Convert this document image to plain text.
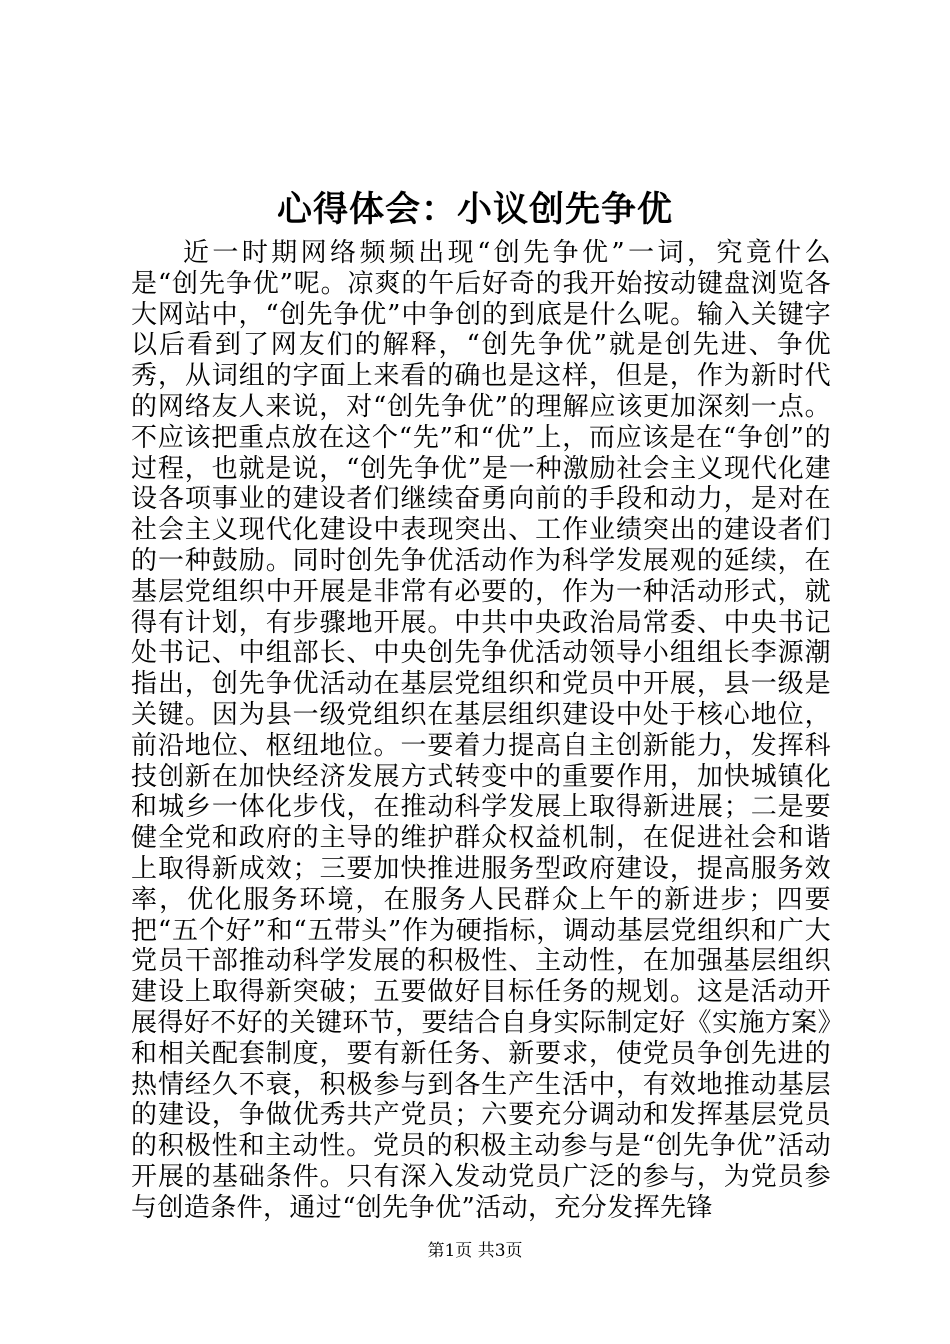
心得体会：小议创先争优

近一时期网络频频出现“创先争优”一词，究竟什么是“创先争优”呢。凉爽的午后好奇的我开始按动键盘浏览各大网站中，“创先争优”中争创的到底是什么呢。输入关键字以后看到了网友们的解释，“创先争优”就是创先进、争优秀，从词组的字面上来看的确也是这样，但是，作为新时代的网络友人来说，对“创先争优”的理解应该更加深刻一点。不应该把重点放在这个“先”和“优”上，而应该是在“争创”的过程，也就是说，“创先争优”是一种激励社会主义现代化建设各项事业的建设者们继续奋勇向前的手段和动力，是对在社会主义现代化建设中表现突出、工作业绩突出的建设者们的一种鼓励。同时创先争优活动作为科学发展观的延续，在基层党组织中开展是非常有必要的，作为一种活动形式，就得有计划，有步骤地开展。中共中央政治局常委、中央书记处书记、中组部长、中央创先争优活动领导小组组长李源潮指出，创先争优活动在基层党组织和党员中开展，县一级是关键。因为县一级党组织在基层组织建设中处于核心地位，前沿地位、枢纽地位。一要着力提高自主创新能力，发挥科技创新在加快经济发展方式转变中的重要作用，加快城镇化和城乡一体化步伐，在推动科学发展上取得新进展；二是要健全党和政府的主导的维护群众权益机制，在促进社会和谐上取得新成效；三要加快推进服务型政府建设，提高服务效率，优化服务环境，在服务人民群众上午的新进步；四要把“五个好”和“五带头”作为硬指标，调动基层党组织和广大党员干部推动科学发展的积极性、主动性，在加强基层组织建设上取得新突破；五要做好目标任务的规划。这是活动开展得好不好的关键环节，要结合自身实际制定好《实施方案》和相关配套制度，要有新任务、新要求，使党员争创先进的热情经久不衰，积极参与到各生产生活中，有效地推动基层的建设，争做优秀共产党员；六要充分调动和发挥基层党员的积极性和主动性。党员的积极主动参与是“创先争优”活动开展的基础条件。只有深入发动党员广泛的参与，为党员参与创造条件，通过“创先争优”活动，充分发挥先锋

第1页 共3页
